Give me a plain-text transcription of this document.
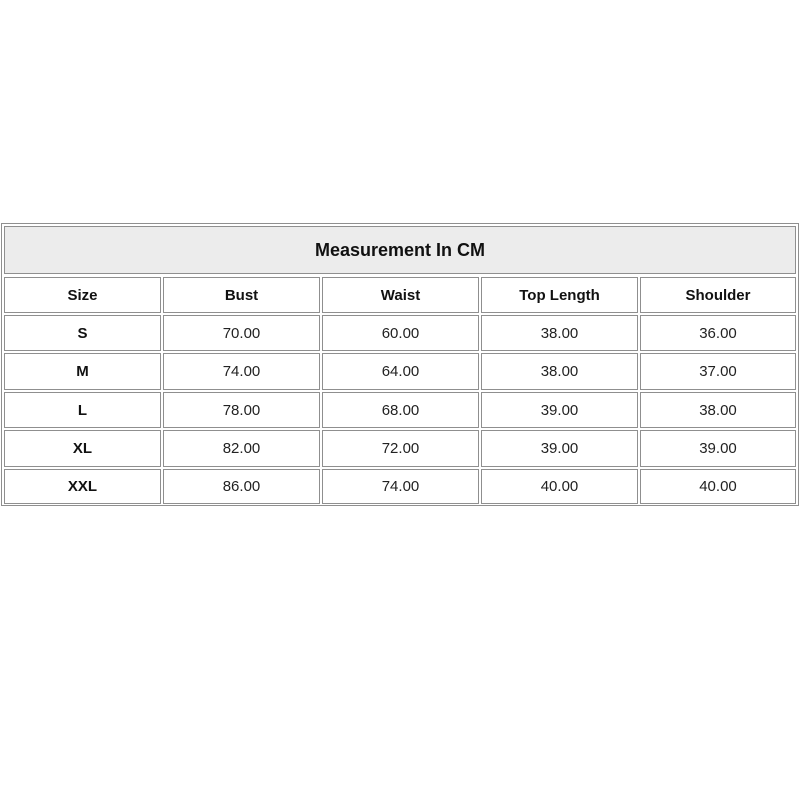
Measurement In CM
Size	Bust	Waist	Top Length	Shoulder
S	70.00	60.00	38.00	36.00
M	74.00	64.00	38.00	37.00
L	78.00	68.00	39.00	38.00
XL	82.00	72.00	39.00	39.00
XXL	86.00	74.00	40.00	40.00
